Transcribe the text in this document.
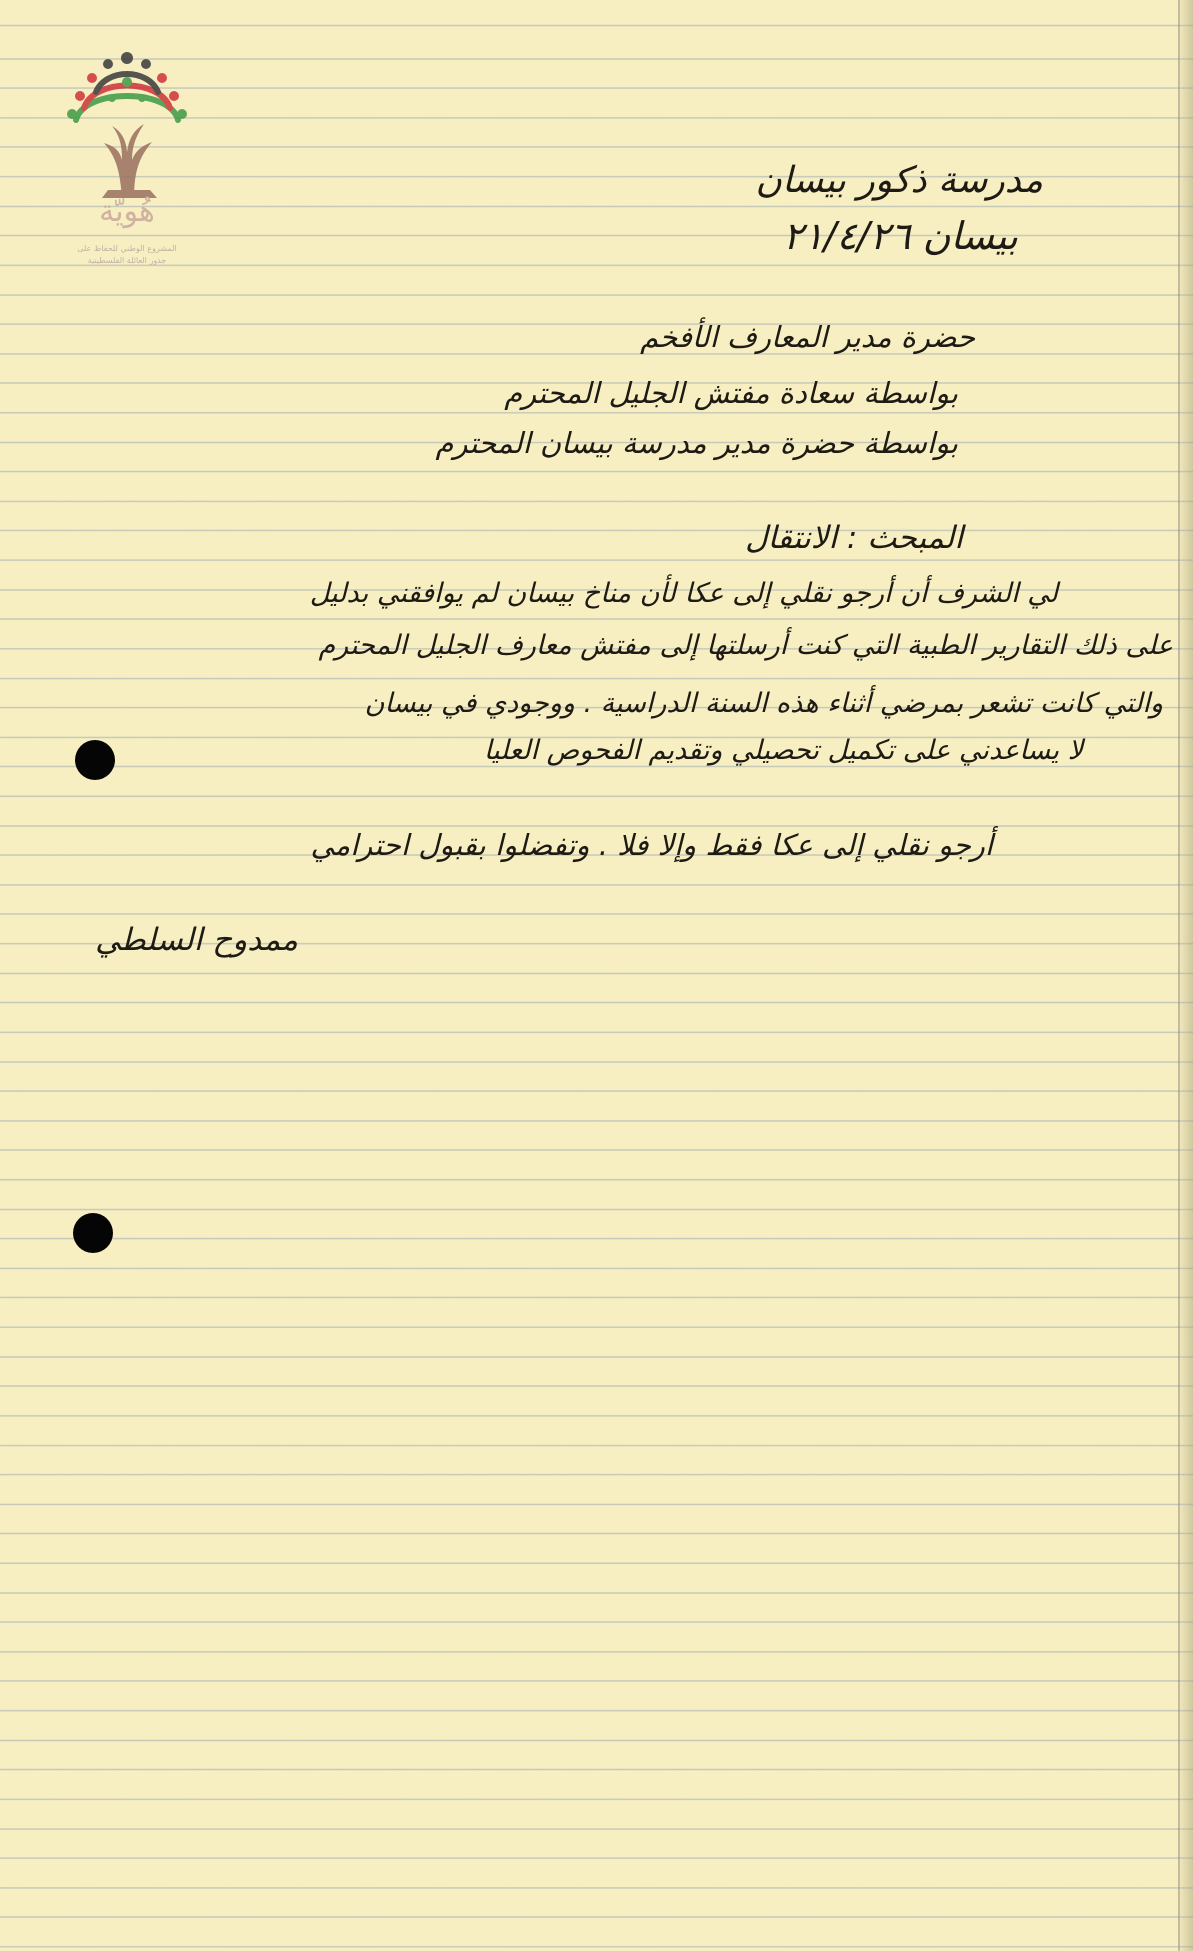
هُويّة
المشروع الوطني للحفاظ على
جذور العائلة الفلسطينية
مدرسة ذكور بيسان
بيسان ٢١/٤/٢٦
حضرة مدير المعارف الأفخم
بواسطة سعادة مفتش الجليل المحترم
بواسطة حضرة مدير مدرسة بيسان المحترم
المبحث : الانتقال
لي الشرف أن أرجو نقلي إلى عكا لأن مناخ بيسان لم يوافقني بدليل
على ذلك التقارير الطبية التي كنت أرسلتها إلى مفتش معارف الجليل المحترم
والتي كانت تشعر بمرضي أثناء هذه السنة الدراسية . ووجودي في بيسان
لا يساعدني على تكميل تحصيلي وتقديم الفحوص العليا
أرجو نقلي إلى عكا فقط وإلا فلا . وتفضلوا بقبول احترامي
ممدوح السلطي
